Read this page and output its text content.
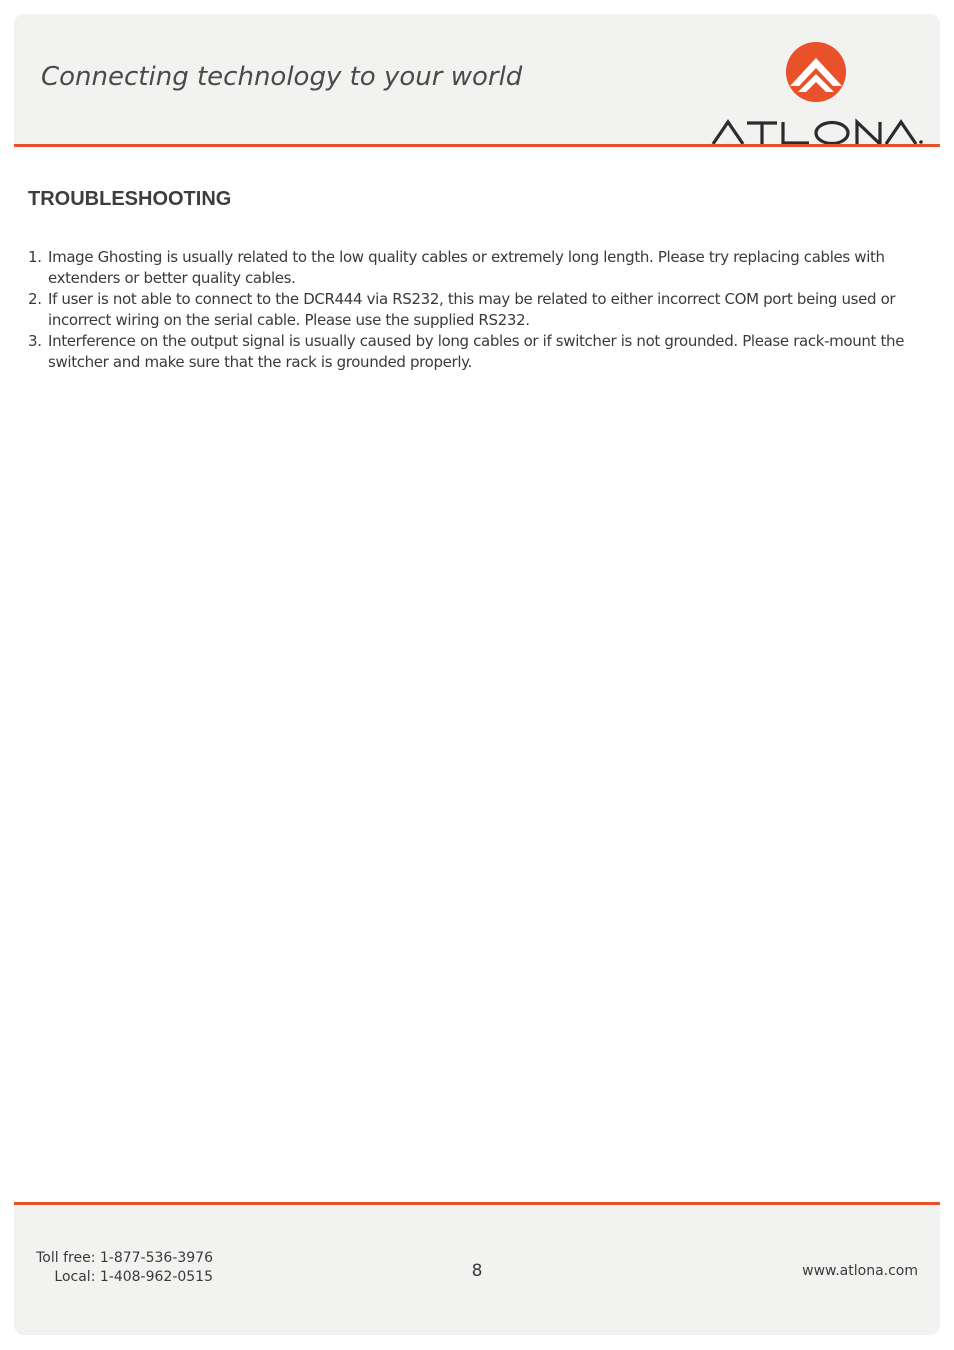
Connecting technology to your world
TROUBLESHOOTING
1. Image Ghosting is usually related to the low quality cables or extremely long length. Please try replacing cables with extenders or better quality cables.
2. If user is not able to connect to the DCR444 via RS232, this may be related to either incorrect COM port being used or incorrect wiring on the serial cable. Please use the supplied RS232.
3. Interference on the output signal is usually caused by long cables or if switcher is not grounded. Please rack-mount the switcher and make sure that the rack is grounded properly.
Toll free: 1-877-536-3976
Local: 1-408-962-0515	8	www.atlona.com
